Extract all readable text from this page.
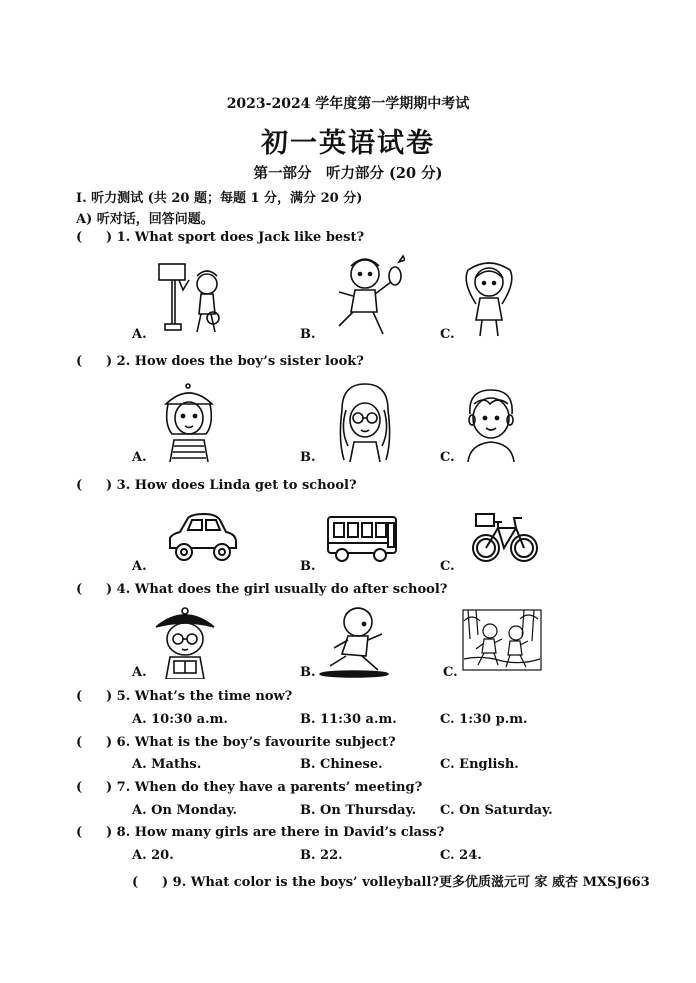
2023-2024 学年度第一学期期中考试
初一英语试卷
第一部分　听力部分 (20 分)
I. 听力测试 (共 20 题；每题 1 分，满分 20 分)
A) 听对话，回答问题。
( ) 1. What sport does Jack like best?
A.	B.	C.
( ) 2. How does the boy’s sister look?
A.	B.	C.
( ) 3. How does Linda get to school?
A.	B.	C.
( ) 4. What does the girl usually do after school?
A.	B.	C.
( ) 5. What’s the time now?
A. 10:30 a.m.	B. 11:30 a.m.	C. 1:30 p.m.
( ) 6. What is the boy’s favourite subject?
A. Maths.	B. Chinese.	C. English.
( ) 7. When do they have a parents’ meeting?
A. On Monday.	B. On Thursday. C. On Saturday.
( ) 8. How many girls are there in David’s class?
A. 20.	B. 22.	C. 24.
( ) 9. What color is the boys’ volleyball?更多优质滋元可 家 威杏 MXSJ663
